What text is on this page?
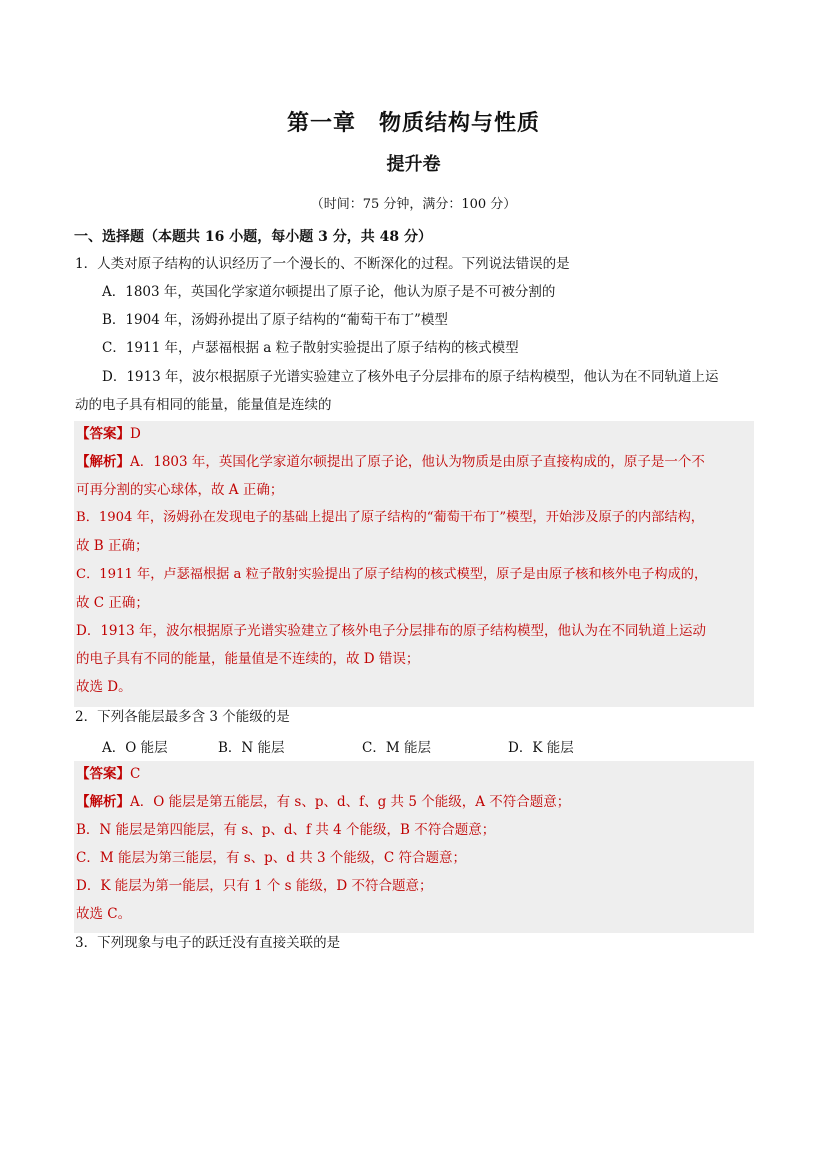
第一章　物质结构与性质
提升卷
（时间：75 分钟，满分：100 分）
一、选择题（本题共 16 小题，每小题 3 分，共 48 分）
1．人类对原子结构的认识经历了一个漫长的、不断深化的过程。下列说法错误的是
A．1803 年，英国化学家道尔顿提出了原子论，他认为原子是不可被分割的
B．1904 年，汤姆孙提出了原子结构的“葡萄干布丁”模型
C．1911 年，卢瑟福根据 a 粒子散射实验提出了原子结构的核式模型
D．1913 年，波尔根据原子光谱实验建立了核外电子分层排布的原子结构模型，他认为在不同轨道上运
动的电子具有相同的能量，能量值是连续的
【答案】D
【解析】A．1803 年，英国化学家道尔顿提出了原子论，他认为物质是由原子直接构成的，原子是一个不
可再分割的实心球体，故 A 正确；
B．1904 年，汤姆孙在发现电子的基础上提出了原子结构的“葡萄干布丁”模型，开始涉及原子的内部结构，
故 B 正确；
C．1911 年，卢瑟福根据 a 粒子散射实验提出了原子结构的核式模型，原子是由原子核和核外电子构成的，
故 C 正确；
D．1913 年，波尔根据原子光谱实验建立了核外电子分层排布的原子结构模型，他认为在不同轨道上运动
的电子具有不同的能量，能量值是不连续的，故 D 错误；
故选 D。
2．下列各能层最多含 3 个能级的是
A．O 能层	B．N 能层	C．M 能层	D．K 能层
【答案】C
【解析】A．O 能层是第五能层，有 s、p、d、f、g 共 5 个能级，A 不符合题意；
B．N 能层是第四能层，有 s、p、d、f 共 4 个能级，B 不符合题意；
C．M 能层为第三能层，有 s、p、d 共 3 个能级，C 符合题意；
D．K 能层为第一能层，只有 1 个 s 能级，D 不符合题意；
故选 C。
3．下列现象与电子的跃迁没有直接关联的是
